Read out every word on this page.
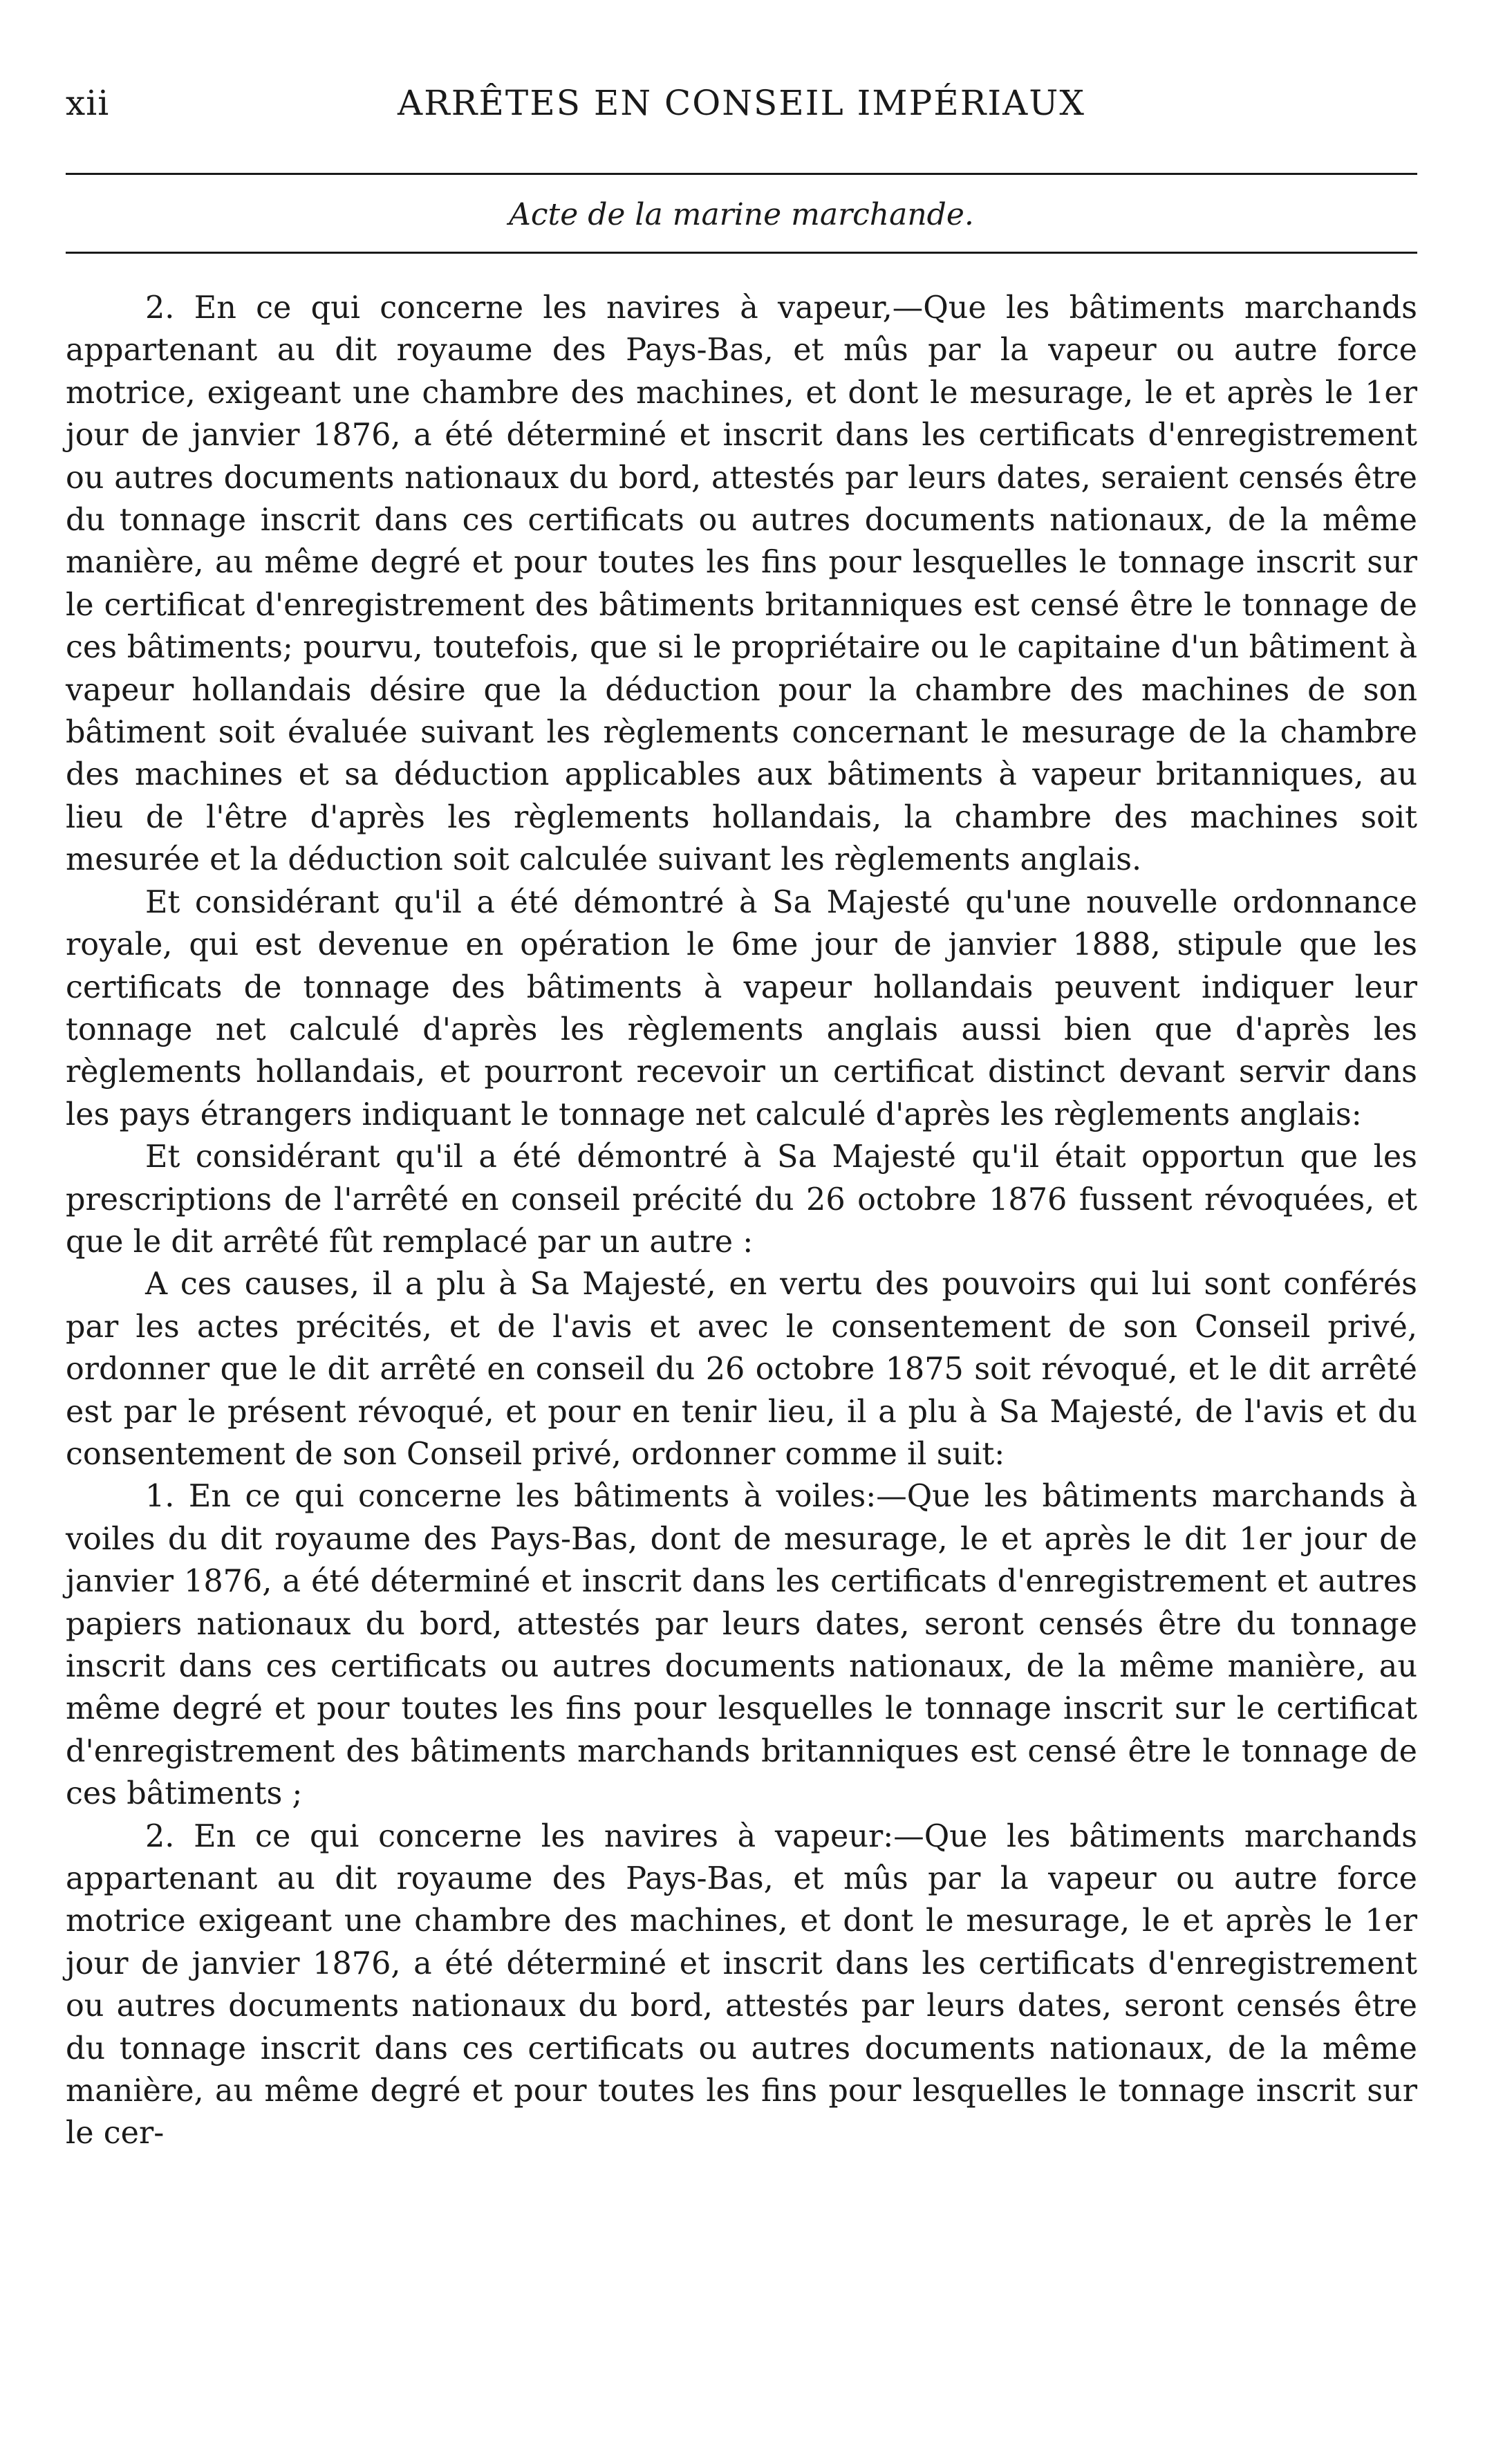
xii	ARRÊTES EN CONSEIL IMPÉRIAUX
Acte de la marine marchande.

2. En ce qui concerne les navires à vapeur,—Que les bâtiments marchands appartenant au dit royaume des Pays-Bas, et mûs par la vapeur ou autre force motrice, exigeant une chambre des machines, et dont le mesurage, le et après le 1er jour de janvier 1876, a été déterminé et inscrit dans les certificats d'enregistrement ou autres documents nationaux du bord, attestés par leurs dates, seraient censés être du tonnage inscrit dans ces certificats ou autres documents nationaux, de la même manière, au même degré et pour toutes les fins pour lesquelles le tonnage inscrit sur le certificat d'enregistrement des bâtiments britanniques est censé être le tonnage de ces bâtiments; pourvu, toutefois, que si le propriétaire ou le capitaine d'un bâtiment à vapeur hollandais désire que la déduction pour la chambre des machines de son bâtiment soit évaluée suivant les règlements concernant le mesurage de la chambre des machines et sa déduction applicables aux bâtiments à vapeur britanniques, au lieu de l'être d'après les règlements hollandais, la chambre des machines soit mesurée et la déduction soit calculée suivant les règlements anglais.

Et considérant qu'il a été démontré à Sa Majesté qu'une nouvelle ordonnance royale, qui est devenue en opération le 6me jour de janvier 1888, stipule que les certificats de tonnage des bâtiments à vapeur hollandais peuvent indiquer leur tonnage net calculé d'après les règlements anglais aussi bien que d'après les règlements hollandais, et pourront recevoir un certificat distinct devant servir dans les pays étrangers indiquant le tonnage net calculé d'après les règlements anglais:

Et considérant qu'il a été démontré à Sa Majesté qu'il était opportun que les prescriptions de l'arrêté en conseil précité du 26 octobre 1876 fussent révoquées, et que le dit arrêté fût remplacé par un autre :

A ces causes, il a plu à Sa Majesté, en vertu des pouvoirs qui lui sont conférés par les actes précités, et de l'avis et avec le consentement de son Conseil privé, ordonner que le dit arrêté en conseil du 26 octobre 1875 soit révoqué, et le dit arrêté est par le présent révoqué, et pour en tenir lieu, il a plu à Sa Majesté, de l'avis et du consentement de son Conseil privé, ordonner comme il suit:

1. En ce qui concerne les bâtiments à voiles:—Que les bâtiments marchands à voiles du dit royaume des Pays-Bas, dont de mesurage, le et après le dit 1er jour de janvier 1876, a été déterminé et inscrit dans les certificats d'enregistrement et autres papiers nationaux du bord, attestés par leurs dates, seront censés être du tonnage inscrit dans ces certificats ou autres documents nationaux, de la même manière, au même degré et pour toutes les fins pour lesquelles le tonnage inscrit sur le certificat d'enregistrement des bâtiments marchands britanniques est censé être le tonnage de ces bâtiments ;

2. En ce qui concerne les navires à vapeur:—Que les bâtiments marchands appartenant au dit royaume des Pays-Bas, et mûs par la vapeur ou autre force motrice exigeant une chambre des machines, et dont le mesurage, le et après le 1er jour de janvier 1876, a été déterminé et inscrit dans les certificats d'enregistrement ou autres documents nationaux du bord, attestés par leurs dates, seront censés être du tonnage inscrit dans ces certificats ou autres documents nationaux, de la même manière, au même degré et pour toutes les fins pour lesquelles le tonnage inscrit sur le cer-
